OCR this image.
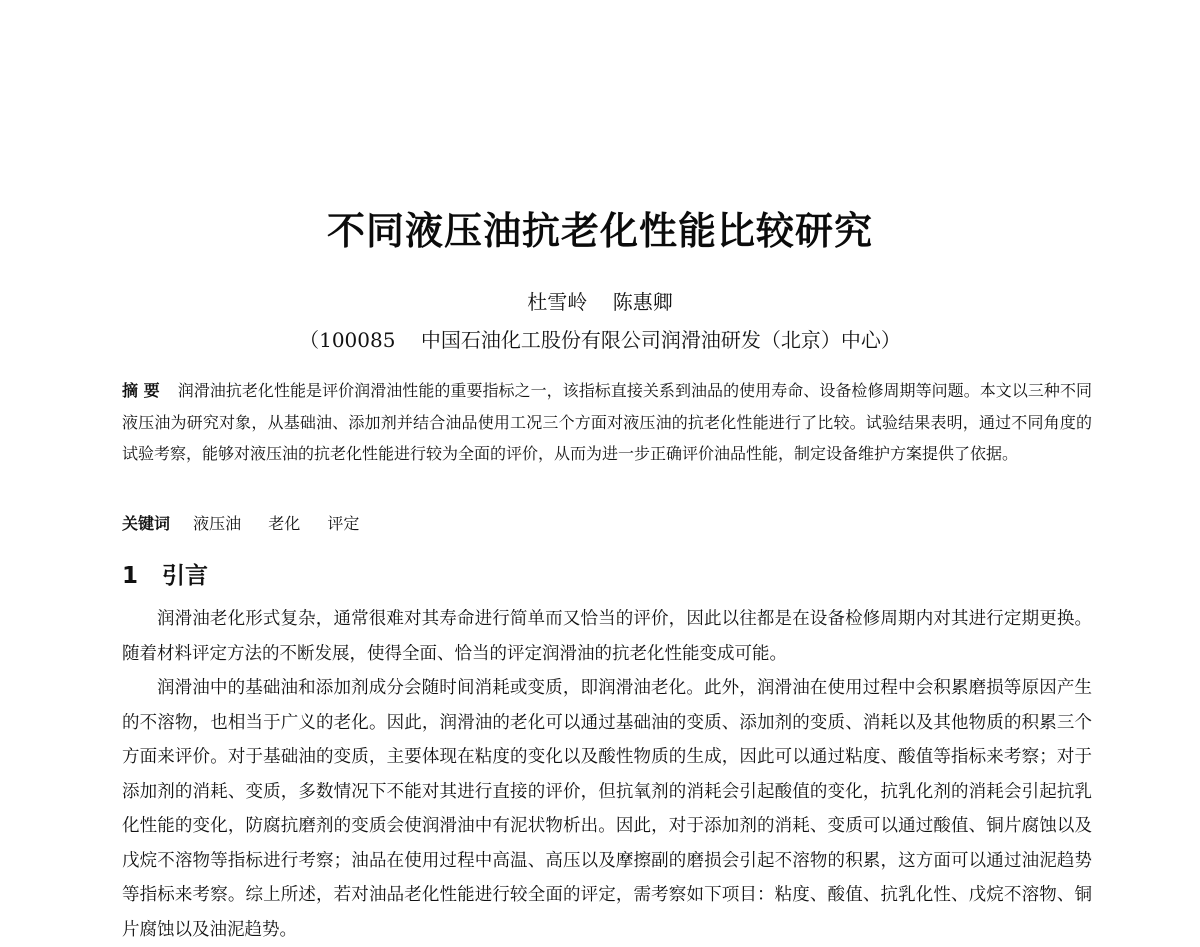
不同液压油抗老化性能比较研究
杜雪岭    陈惠卿
（100085    中国石油化工股份有限公司润滑油研发（北京）中心）
摘 要 润滑油抗老化性能是评价润滑油性能的重要指标之一，该指标直接关系到油品的使用寿命、设备检修周期等问题。本文以三种不同液压油为研究对象，从基础油、添加剂并结合油品使用工况三个方面对液压油的抗老化性能进行了比较。试验结果表明，通过不同角度的试验考察，能够对液压油的抗老化性能进行较为全面的评价，从而为进一步正确评价油品性能，制定设备维护方案提供了依据。
关键词 液压油 老化 评定
1 引言

润滑油老化形式复杂，通常很难对其寿命进行简单而又恰当的评价，因此以往都是在设备检修周期内对其进行定期更换。随着材料评定方法的不断发展，使得全面、恰当的评定润滑油的抗老化性能变成可能。

润滑油中的基础油和添加剂成分会随时间消耗或变质，即润滑油老化。此外，润滑油在使用过程中会积累磨损等原因产生的不溶物，也相当于广义的老化。因此，润滑油的老化可以通过基础油的变质、添加剂的变质、消耗以及其他物质的积累三个方面来评价。对于基础油的变质，主要体现在粘度的变化以及酸性物质的生成，因此可以通过粘度、酸值等指标来考察；对于添加剂的消耗、变质，多数情况下不能对其进行直接的评价，但抗氧剂的消耗会引起酸值的变化，抗乳化剂的消耗会引起抗乳化性能的变化，防腐抗磨剂的变质会使润滑油中有泥状物析出。因此，对于添加剂的消耗、变质可以通过酸值、铜片腐蚀以及戊烷不溶物等指标进行考察；油品在使用过程中高温、高压以及摩擦副的磨损会引起不溶物的积累，这方面可以通过油泥趋势等指标来考察。综上所述，若对油品老化性能进行较全面的评定，需考察如下项目：粘度、酸值、抗乳化性、戊烷不溶物、铜片腐蚀以及油泥趋势。
